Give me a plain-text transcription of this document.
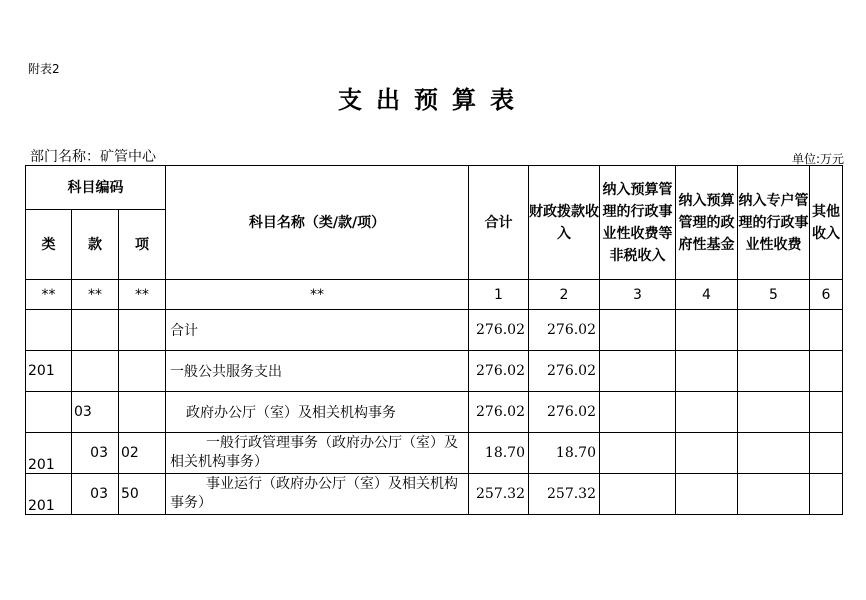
附表2
支出预算表
部门名称：矿管中心	单位:万元
科目编码			科目名称（类/款/项）	合计	财政拨款收入	纳入预算管理的行政事业性收费等非税收入	纳入预算管理的政府性基金	纳入专户管理的行政事业性收费	其他收入
类	款	项							
**	**	**	**	1	2	3	4	5	6
			合计	276.02	276.02				
201			一般公共服务支出	276.02	276.02				
	03		政府办公厅（室）及相关机构事务	276.02	276.02				
201	03	02	一般行政管理事务（政府办公厅（室）及相关机构事务）	18.70	18.70				
201	03	50	事业运行（政府办公厅（室）及相关机构事务）	257.32	257.32				
